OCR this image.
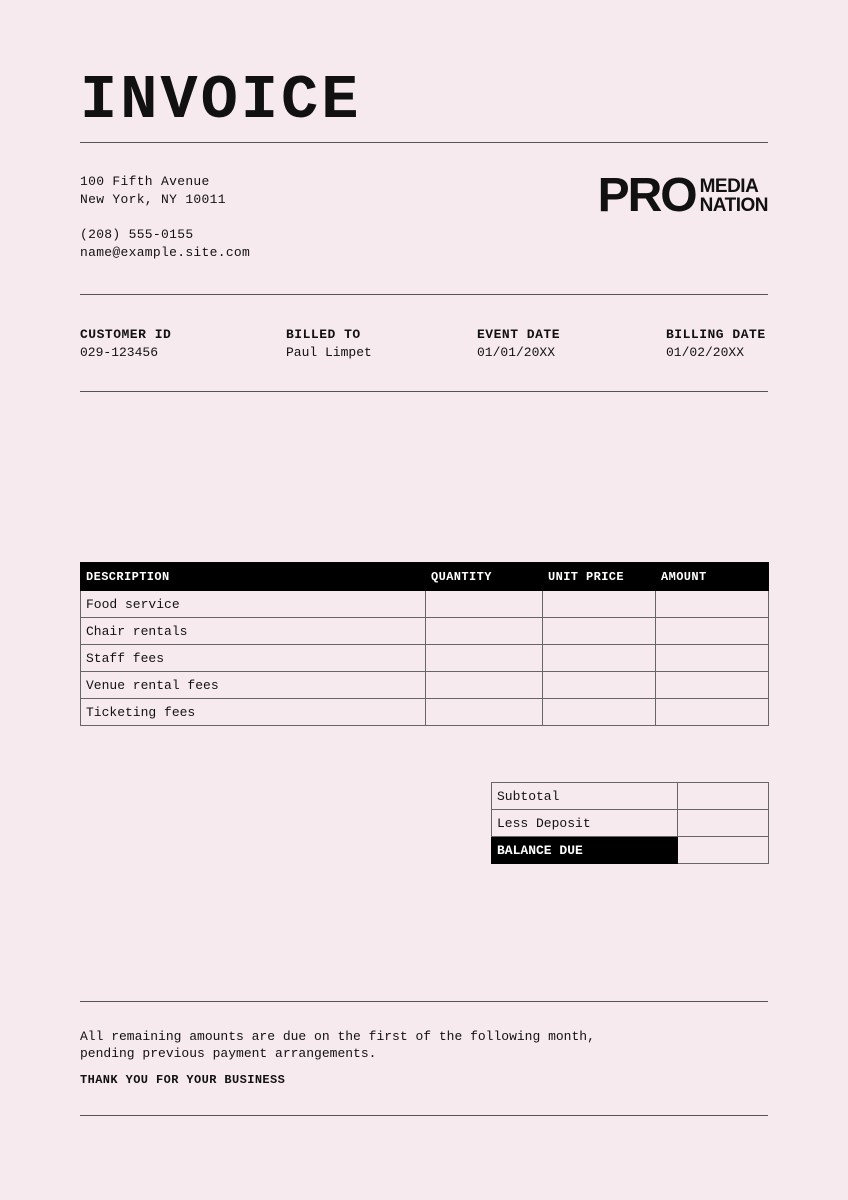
INVOICE
100 Fifth Avenue
New York, NY 10011
(208) 555-0155
name@example.site.com
PRO MEDIA
NATION
CUSTOMER ID
029-123456
BILLED TO
Paul Limpet
EVENT DATE
01/01/20XX
BILLING DATE
01/02/20XX
DESCRIPTION	QUANTITY	UNIT PRICE	AMOUNT
Food service			
Chair rentals			
Staff fees			
Venue rental fees			
Ticketing fees			
Subtotal	
Less Deposit	
BALANCE DUE	
All remaining amounts are due on the first of the following month, pending previous payment arrangements.
THANK YOU FOR YOUR BUSINESS
